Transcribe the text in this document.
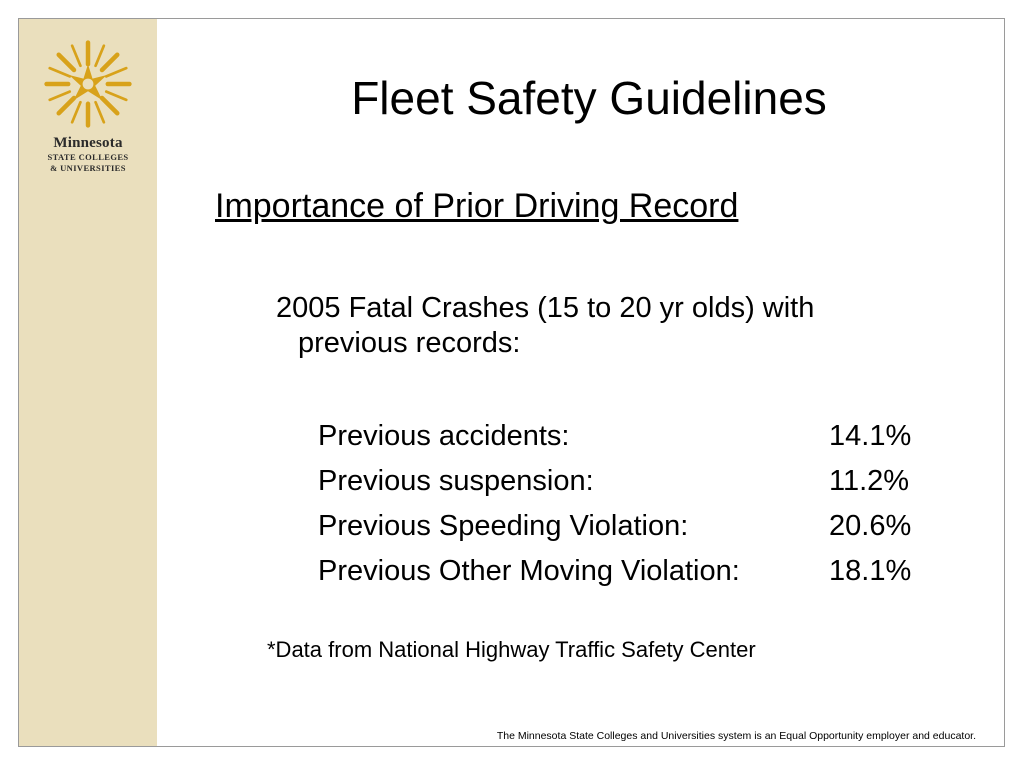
Minnesota
STATE COLLEGES
& UNIVERSITIES
Fleet Safety Guidelines
Importance of Prior Driving Record
2005 Fatal Crashes (15 to 20 yr olds) with
previous records:
Previous accidents:	14.1%
Previous suspension:	11.2%
Previous Speeding Violation:	20.6%
Previous Other Moving Violation:	18.1%
*Data from National Highway Traffic Safety Center
The Minnesota State Colleges and Universities system is an Equal Opportunity employer and educator.
